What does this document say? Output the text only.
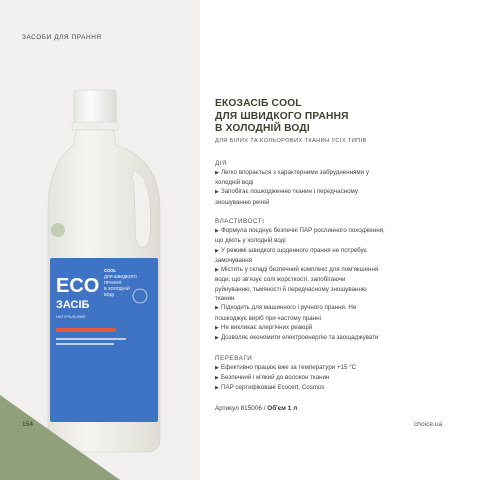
ЗАСОБИ ДЛЯ ПРАННЯ
ECO
ЗАСІБ
НАТУРАЛЬНИЙ
COOL
ДЛЯ ШВИДКОГО
ПРАННЯ
В ХОЛОДНІЙ
ВОДІ
154
ЕКОЗАСІБ COOL
ДЛЯ ШВИДКОГО ПРАННЯ
В ХОЛОДНІЙ ВОДІ
ДЛЯ БІЛИХ ТА КОЛЬОРОВИХ ТКАНИН УСІХ ТИПІВ
ДІЯ
▶ Легко впорається з характерними забрудненнями у
холодній воді
▶ Запобігає пошкодженню тканин і передчасному
зношуванню речей
ВЛАСТИВОСТІ
▶ Формула поєднує безпечні ПАР рослинного походження,
що діють у холодній воді
▶ У режимі швидкого щоденного прання не потребує
замочування
▶ Містить у складі безпечний комплекс для пом'якшення
води, що зв'язує солі жорсткості, запобігаючи
руйнуванню, тьмяності й передчасному зношуванню
тканин
▶ Підходить для машинного і ручного прання. Не
пошкоджує виріб при частому пранні
▶ Не викликає алергічних реакцій
▶ Дозволяє економити електроенергію та заощаджувати
ПЕРЕВАГИ
▶ Ефективно працює вже за температури +15 °С
▶ Безпечний і м'який до волокон тканин
▶ ПАР сертифіковані Ecocert, Cosmos
Артикул 815006 / Об'єм 1 л
choice.ua
